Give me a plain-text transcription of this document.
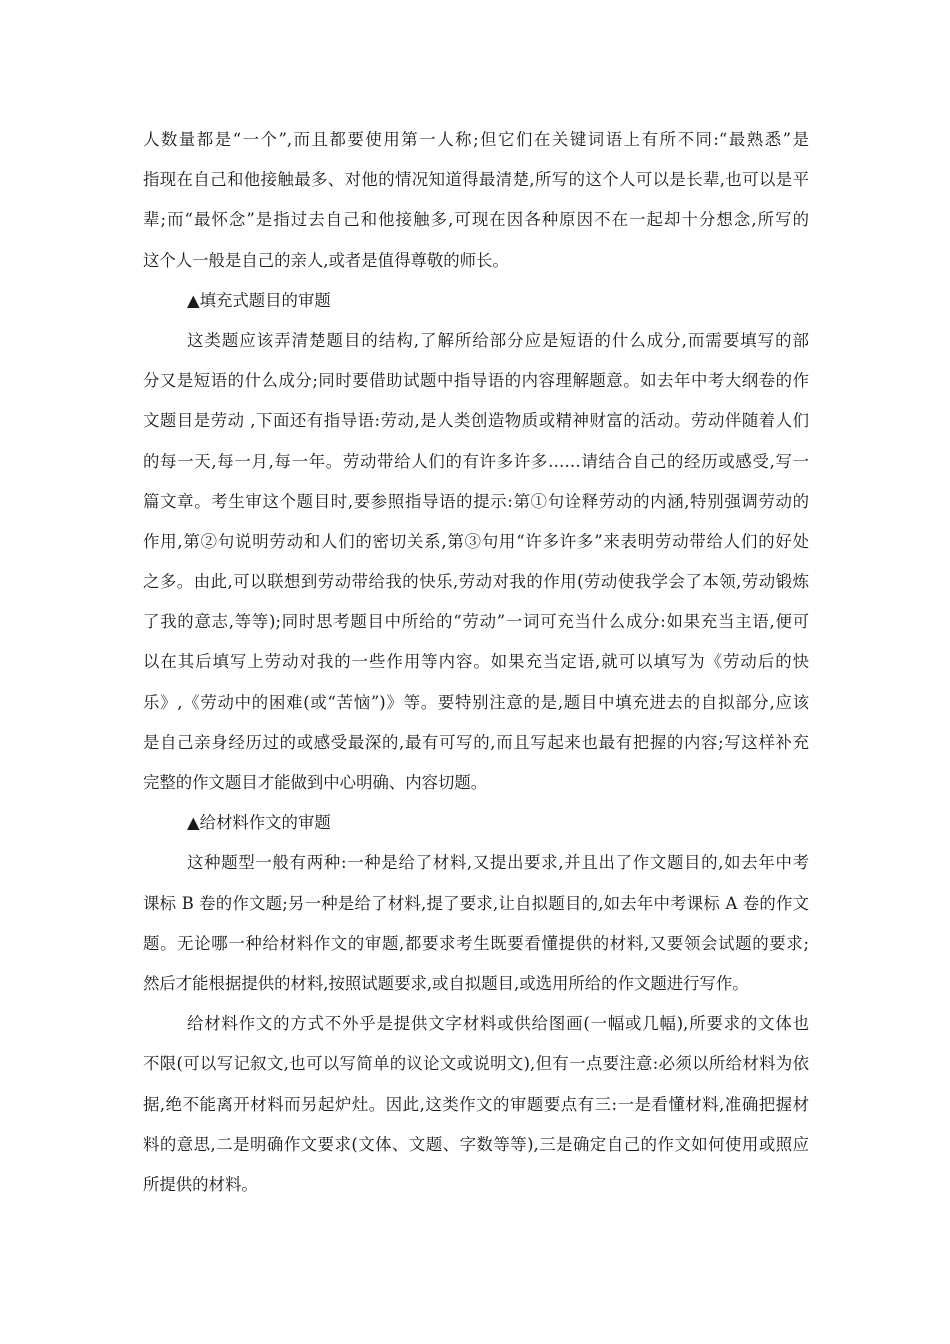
人数量都是“一个”,而且都要使用第一人称;但它们在关键词语上有所不同:“最熟悉”是
指现在自己和他接触最多、对他的情况知道得最清楚,所写的这个人可以是长辈,也可以是平
辈;而“最怀念”是指过去自己和他接触多,可现在因各种原因不在一起却十分想念,所写的
这个人一般是自己的亲人,或者是值得尊敬的师长。
▲填充式题目的审题
这类题应该弄清楚题目的结构,了解所给部分应是短语的什么成分,而需要填写的部
分又是短语的什么成分;同时要借助试题中指导语的内容理解题意。如去年中考大纲卷的作
文题目是劳动 ,下面还有指导语:劳动,是人类创造物质或精神财富的活动。劳动伴随着人们
的每一天,每一月,每一年。劳动带给人们的有许多许多……请结合自己的经历或感受,写一
篇文章。考生审这个题目时,要参照指导语的提示:第①句诠释劳动的内涵,特别强调劳动的
作用,第②句说明劳动和人们的密切关系,第③句用“许多许多”来表明劳动带给人们的好处
之多。由此,可以联想到劳动带给我的快乐,劳动对我的作用(劳动使我学会了本领,劳动锻炼
了我的意志,等等);同时思考题目中所给的“劳动”一词可充当什么成分:如果充当主语,便可
以在其后填写上劳动对我的一些作用等内容。如果充当定语,就可以填写为《劳动后的快
乐》,《劳动中的困难(或“苦恼”)》等。要特别注意的是,题目中填充进去的自拟部分,应该
是自己亲身经历过的或感受最深的,最有可写的,而且写起来也最有把握的内容;写这样补充
完整的作文题目才能做到中心明确、内容切题。
▲给材料作文的审题
这种题型一般有两种:一种是给了材料,又提出要求,并且出了作文题目的,如去年中考
课标 B 卷的作文题;另一种是给了材料,提了要求,让自拟题目的,如去年中考课标 A 卷的作文
题。无论哪一种给材料作文的审题,都要求考生既要看懂提供的材料,又要领会试题的要求;
然后才能根据提供的材料,按照试题要求,或自拟题目,或选用所给的作文题进行写作。
给材料作文的方式不外乎是提供文字材料或供给图画(一幅或几幅),所要求的文体也
不限(可以写记叙文,也可以写简单的议论文或说明文),但有一点要注意:必须以所给材料为依
据,绝不能离开材料而另起炉灶。因此,这类作文的审题要点有三:一是看懂材料,准确把握材
料的意思,二是明确作文要求(文体、文题、字数等等),三是确定自己的作文如何使用或照应
所提供的材料。
